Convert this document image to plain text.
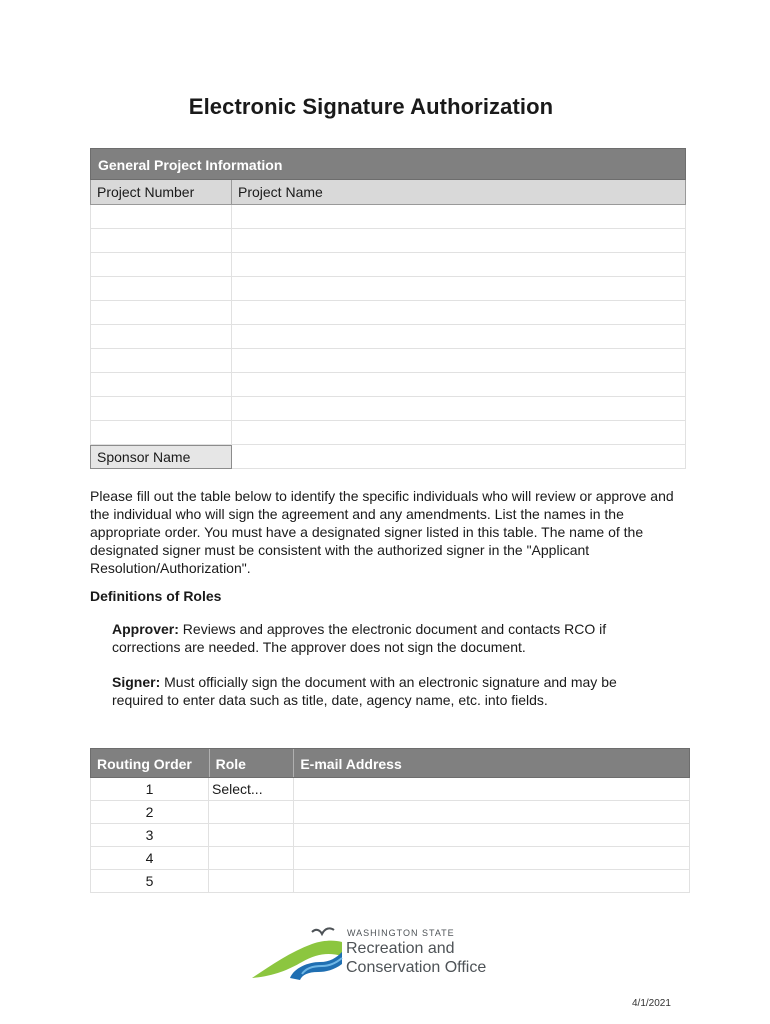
Electronic Signature Authorization
General Project Information
Project Number	Project Name
Sponsor Name

Please fill out the table below to identify the specific individuals who will review or approve and the individual who will sign the agreement and any amendments. List the names in the appropriate order. You must have a designated signer listed in this table. The name of the designated signer must be consistent with the authorized signer in the "Applicant Resolution/Authorization".

Definitions of Roles

Approver: Reviews and approves the electronic document and contacts RCO if corrections are needed. The approver does not sign the document.

Signer: Must officially sign the document with an electronic signature and may be required to enter data such as title, date, agency name, etc. into fields.

Routing Order	Role	E-mail Address
1	Select...
2
3
4
5
WASHINGTON STATE
Recreation and
Conservation Office
4/1/2021
